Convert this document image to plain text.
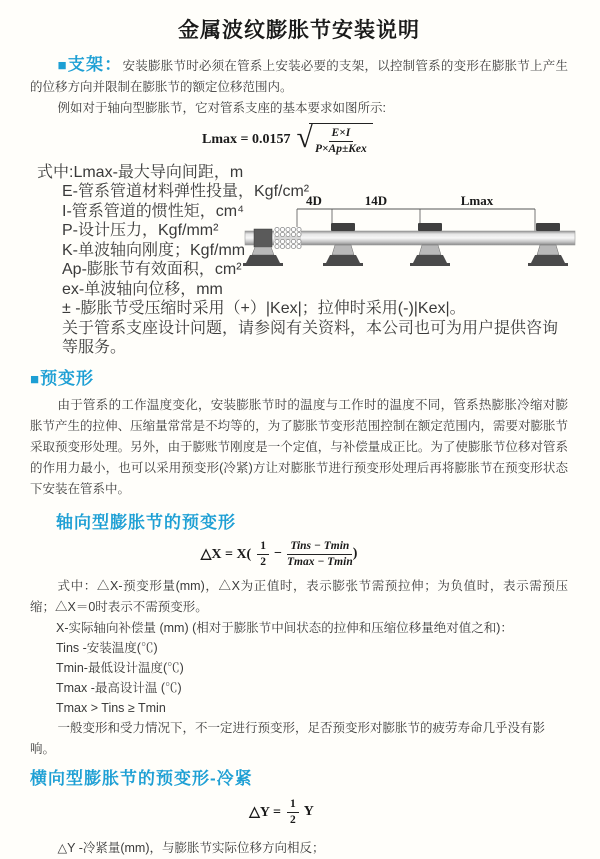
金属波纹膨胀节安装说明

■支架：安装膨胀节时必须在管系上安装必要的支架，以控制管系的变形在膨胀节上产生的位移方向并限制在膨胀节的额定位移范围内。

例如对于轴向型膨胀节，它对管系支座的基本要求如图所示:

Lmax = 0.0157 √ $\frac{E\times I}{\text{P×Ap±Kex}}$
式中:Lmax-最大导向间距，m
E-管系管道材料弹性投量，Kgf/cm²
I-管系管道的惯性矩，cm⁴
P-设计压力，Kgf/mm²
K-单波轴向刚度；Kgf/mm
Ap-膨胀节有效面积，cm²
ex-单波轴向位移，mm
± -膨胀节受压缩时采用（+）|Kex|；拉伸时采用(-)|Kex|。
关于管系支座设计问题，请参阅有关资料，本公司也可为用户提供咨询等服务。

■预变形

由于管系的工作温度变化，安装膨胀节时的温度与工作时的温度不同，管系热膨胀冷缩对膨胀节产生的拉伸、压缩量常常是不均等的，为了膨胀节变形范围控制在额定范围内，需要对膨胀节采取预变形处理。另外，由于膨账节刚度是一个定值，与补偿量成正比。为了使膨胀节位移对管系的作用力最小，也可以采用预变形(冷紧)方让对膨胀节进行预变形处理后再将膨胀节在预变形状态下安装在管系中。

轴向型膨胀节的预变形
△X = $X( \frac{1}{2} - \frac{\text{Tins − Tmin}}{Tmax - Tmin}$ )

式中：△X-预变形量(mm)，△X为正值时，表示膨张节需预拉伸；为负值时，表示需预压缩；△X＝0时表示不需预变形。

X-实际轴向补偿量 (mm) (相对于膨胀节中间状态的拉伸和压缩位移量绝对值之和)：
Tins -安装温度(℃)
Tmin-最低设计温度(℃)
Tmax -最高设计温 (℃)
Tmax > Tins ≥ Tmin

一般变形和受力情况下，不一定进行预变形，足否预变形对膨胀节的疲劳寿命几乎没有影响。

横向型膨胀节的预变形-冷紧
△Y = $\frac{1}{2}$ Y

△Y -冷紧量(mm)，与膨胀节实际位移方向相反；

4D	14D	Lmax
